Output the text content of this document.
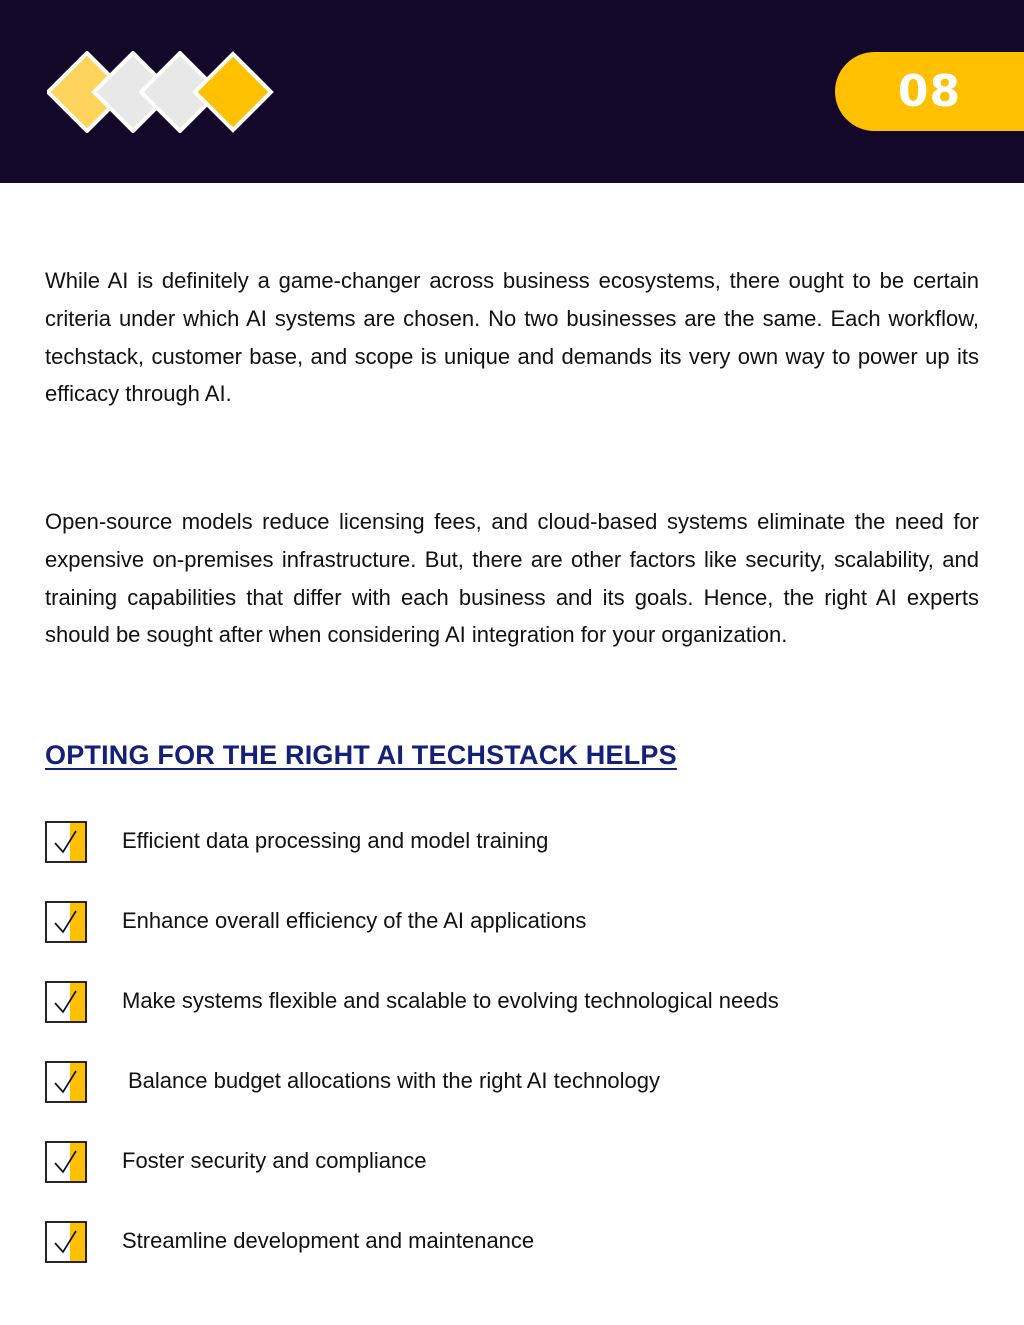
08

While AI is definitely a game-changer across business ecosystems, there ought to be certain criteria under which AI systems are chosen. No two businesses are the same. Each workflow, techstack, customer base, and scope is unique and demands its very own way to power up its efficacy through AI.

Open-source models reduce licensing fees, and cloud-based systems eliminate the need for expensive on-premises infrastructure. But, there are other factors like security, scalability, and training capabilities that differ with each business and its goals. Hence, the right AI experts should be sought after when considering AI integration for your organization.

OPTING FOR THE RIGHT AI TECHSTACK HELPS
Efficient data processing and model training
Enhance overall efficiency of the AI applications
Make systems flexible and scalable to evolving technological needs
Balance budget allocations with the right AI technology
Foster security and compliance
Streamline development and maintenance
